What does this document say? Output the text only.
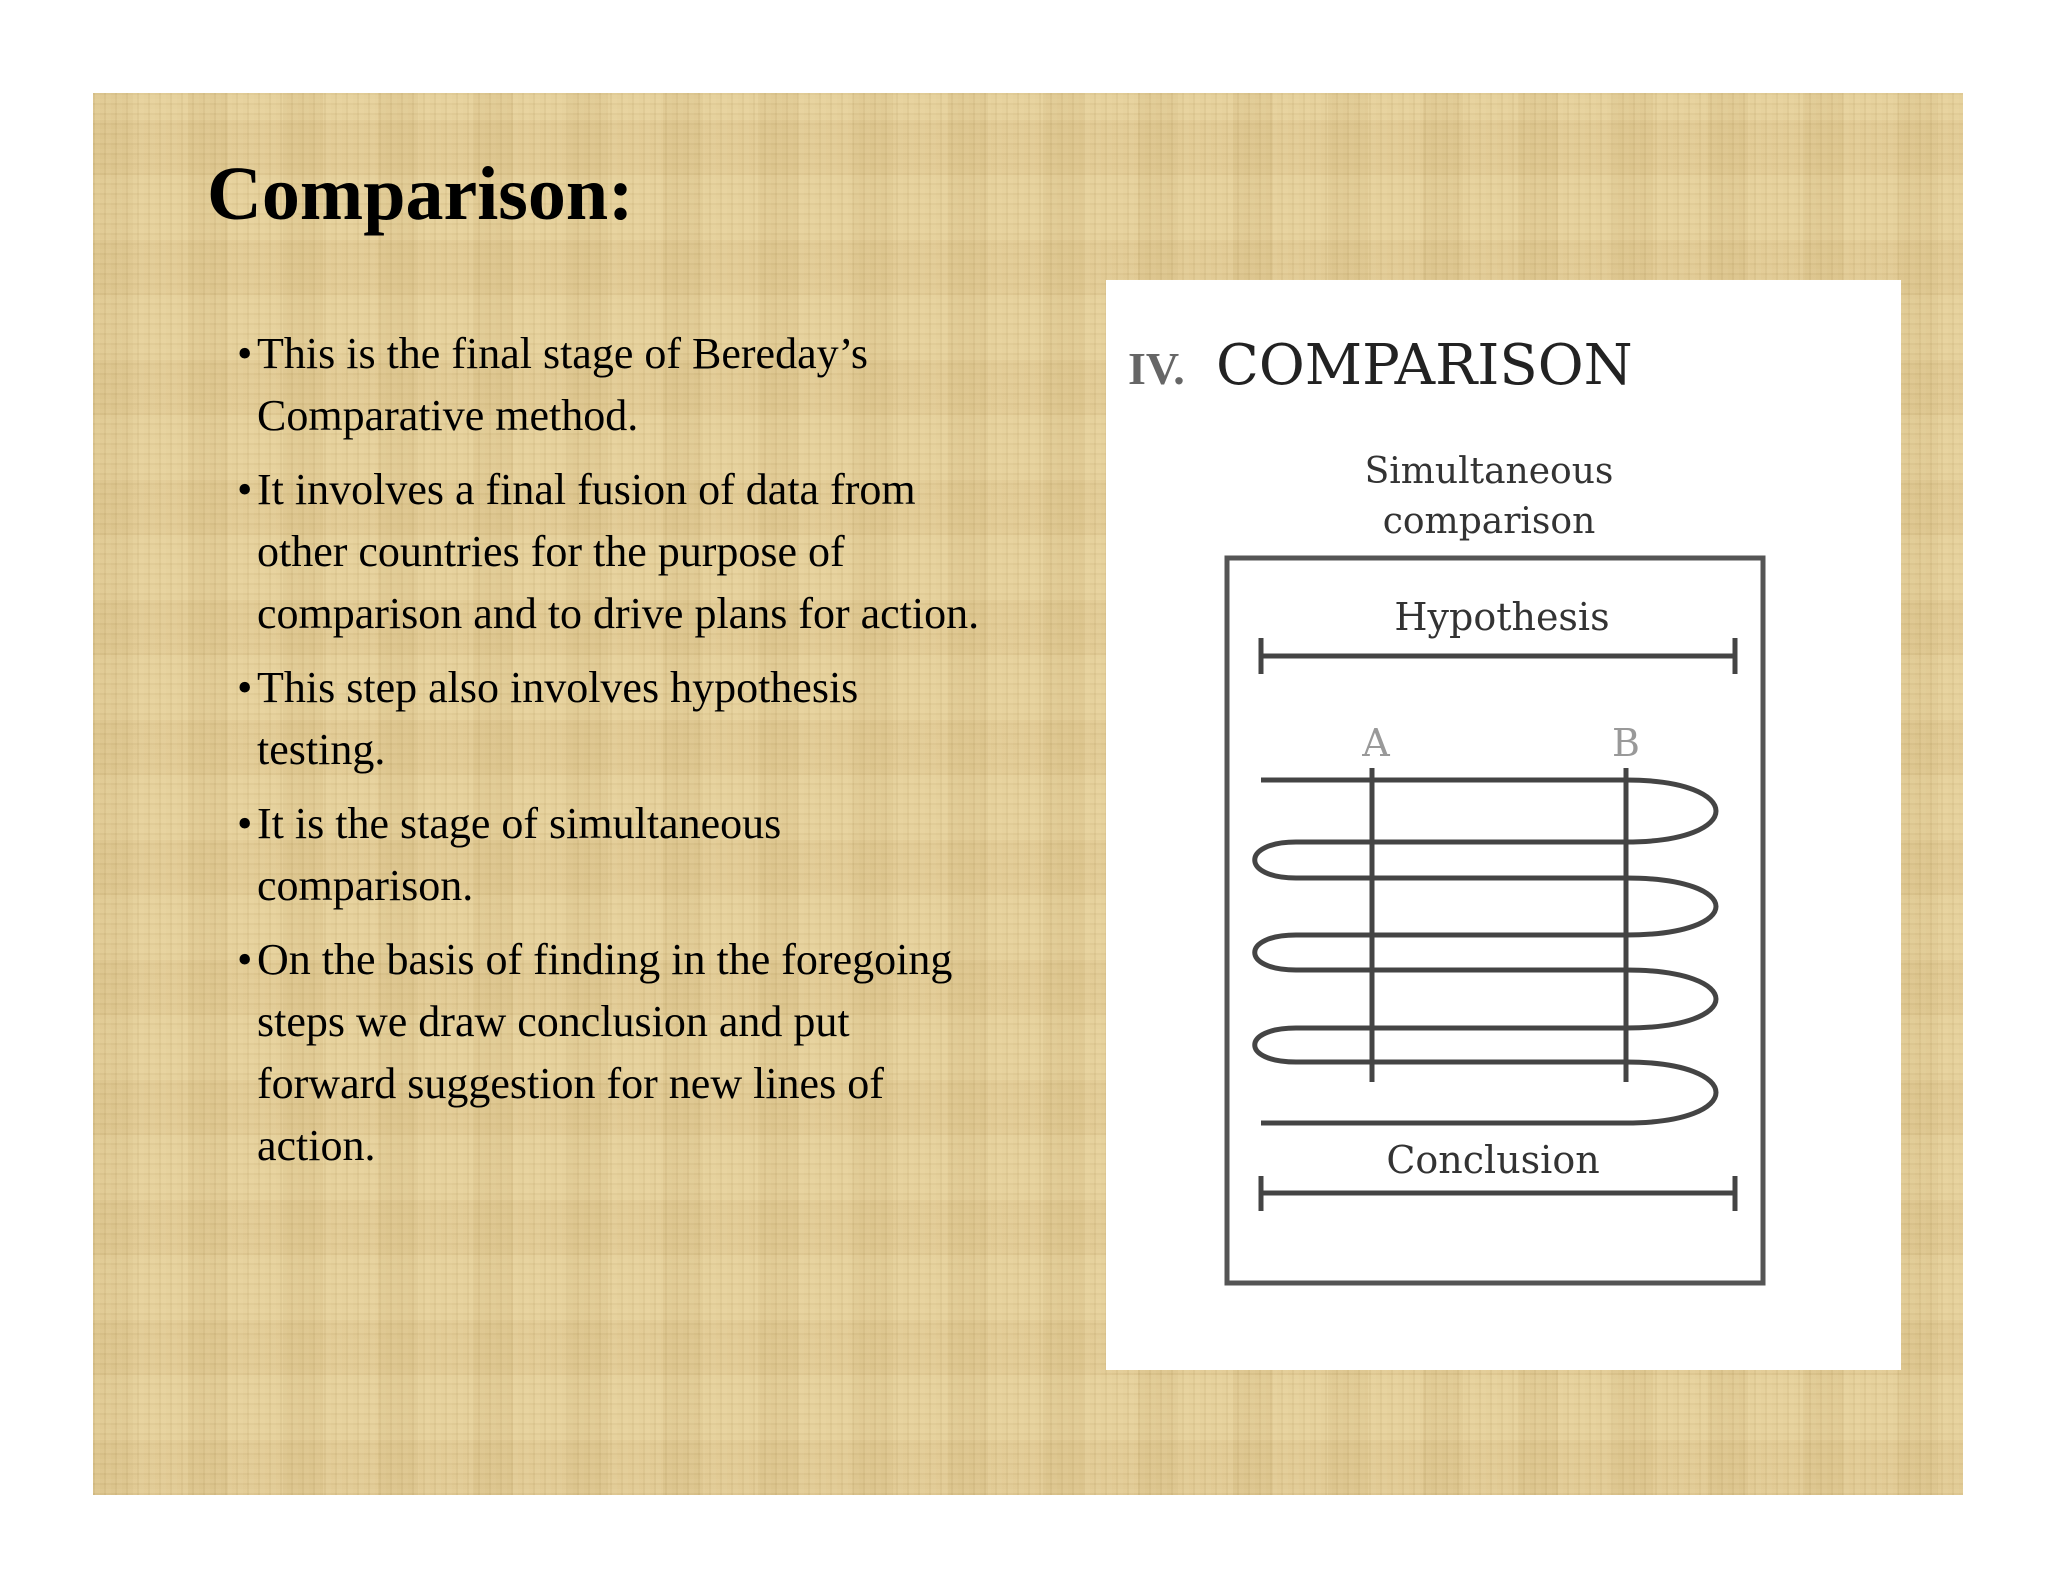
Comparison:
• This is the final stage of Bereday’s
Comparative method.
• It involves a final fusion of data from
other countries for the purpose of
comparison and to drive plans for action.
• This step also involves hypothesis
testing.
• It is the stage of simultaneous
comparison.
• On the basis of finding in the foregoing
steps we draw conclusion and put
forward suggestion for new lines of
action.
IV. COMPARISON
Simultaneous
comparison
Hypothesis
A	B
Conclusion
